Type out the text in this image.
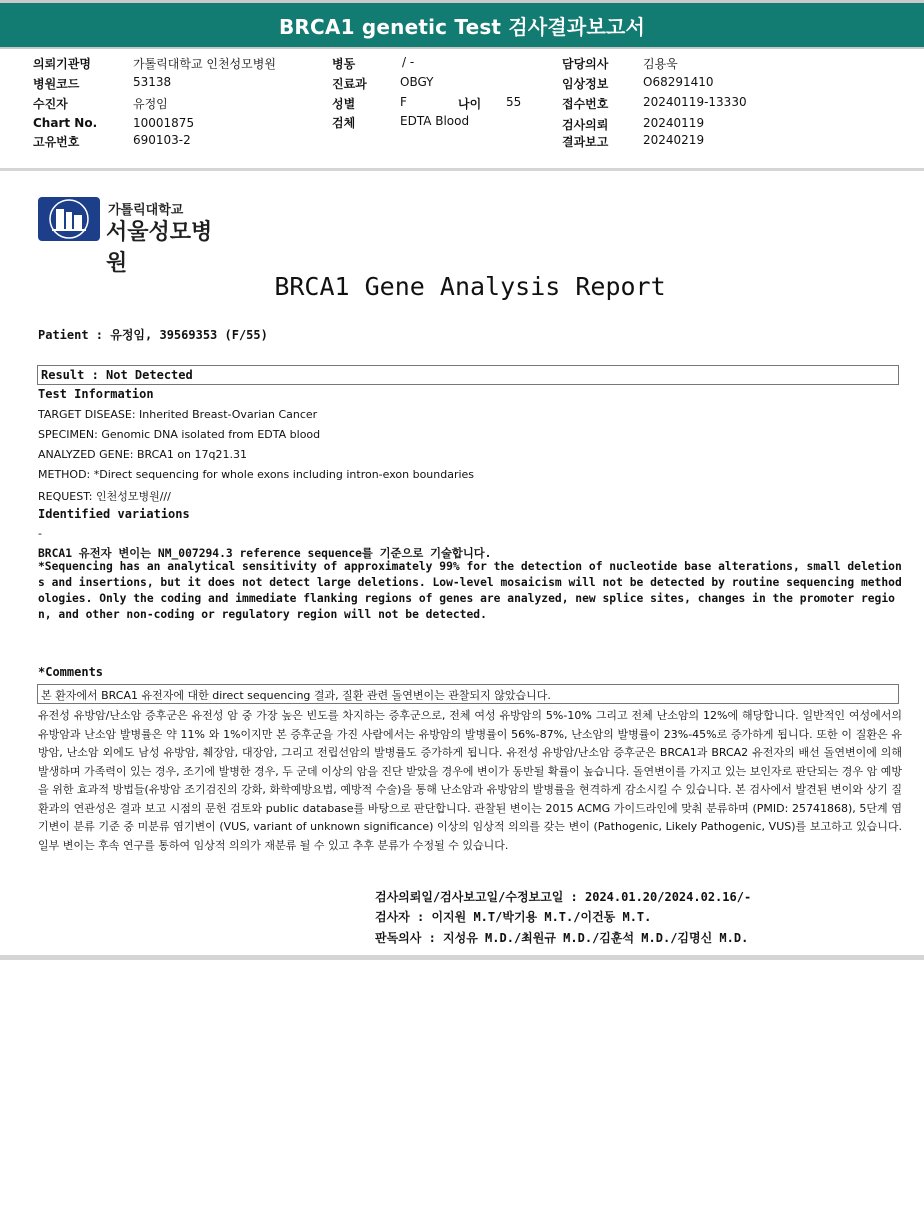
BRCA1 genetic Test 검사결과보고서
의뢰기관명	가톨릭대학교 인천성모병원
병원코드	53138
수진자	유정임
Chart No.	10001875
고유번호	690103-2
병동	/ -
진료과	OBGY
성별	F	나이 55
검체	EDTA Blood
담당의사	김용욱
임상정보	O68291410
접수번호	20240119-13330
검사의뢰	20240119
결과보고	20240219
가톨릭대학교
서울성모병원
BRCA1 Gene Analysis Report
Patient : 유정임, 39569353 (F/55)
Result : Not Detected
Test Information
TARGET DISEASE: Inherited Breast-Ovarian Cancer
SPECIMEN: Genomic DNA isolated from EDTA blood
ANALYZED GENE: BRCA1 on 17q21.31
METHOD: *Direct sequencing for whole exons including intron-exon boundaries
REQUEST: 인천성모병원///
Identified variations
-
BRCA1 유전자 변이는 NM_007294.3 reference sequence를 기준으로 기술합니다.
*Sequencing has an analytical sensitivity of approximately 99% for the detection of nucleotide base alterations, small deletions and insertions, but it does not detect large deletions. Low-level mosaicism will not be detected by routine sequencing methodologies. Only the coding and immediate flanking regions of genes are analyzed, new splice sites, changes in the promoter region, and other non-coding or regulatory region will not be detected.
*Comments
본 환자에서 BRCA1 유전자에 대한 direct sequencing 결과, 질환 관련 돌연변이는 관찰되지 않았습니다.
유전성 유방암/난소암 증후군은 유전성 암 중 가장 높은 빈도를 차지하는 증후군으로, 전체 여성 유방암의 5%-10% 그리고 전체 난소암의 12%에 해당합니다. 일반적인 여성에서의 유방암과 난소암 발병률은 약 11% 와 1%이지만 본 증후군을 가진 사람에서는 유방암의 발병률이 56%-87%, 난소암의 발병률이 23%-45%로 증가하게 됩니다. 또한 이 질환은 유방암, 난소암 외에도 남성 유방암, 췌장암, 대장암, 그리고 전립선암의 발병률도 증가하게 됩니다. 유전성 유방암/난소암 증후군은 BRCA1과 BRCA2 유전자의 배선 돌연변이에 의해 발생하며 가족력이 있는 경우, 조기에 발병한 경우, 두 군데 이상의 암을 진단 받았을 경우에 변이가 동반될 확률이 높습니다. 돌연변이를 가지고 있는 보인자로 판단되는 경우 암 예방을 위한 효과적 방법들(유방암 조기검진의 강화, 화학예방요법, 예방적 수술)을 통해 난소암과 유방암의 발병률을 현격하게 감소시킬 수 있습니다. 본 검사에서 발견된 변이와 상기 질환과의 연관성은 결과 보고 시점의 문헌 검토와 public database를 바탕으로 판단합니다. 관찰된 변이는 2015 ACMG 가이드라인에 맞춰 분류하며 (PMID: 25741868), 5단계 염기변이 분류 기준 중 미분류 염기변이 (VUS, variant of unknown significance) 이상의 임상적 의의를 갖는 변이 (Pathogenic, Likely Pathogenic, VUS)를 보고하고 있습니다. 일부 변이는 후속 연구를 통하여 임상적 의의가 재분류 될 수 있고 추후 분류가 수정될 수 있습니다.
검사의뢰일/검사보고일/수정보고일 : 2024.01.20/2024.02.16/-
검사자 : 이지원 M.T/박기용 M.T./이건동 M.T.
판독의사 : 지성유 M.D./최원규 M.D./김훈석 M.D./김명신 M.D.
